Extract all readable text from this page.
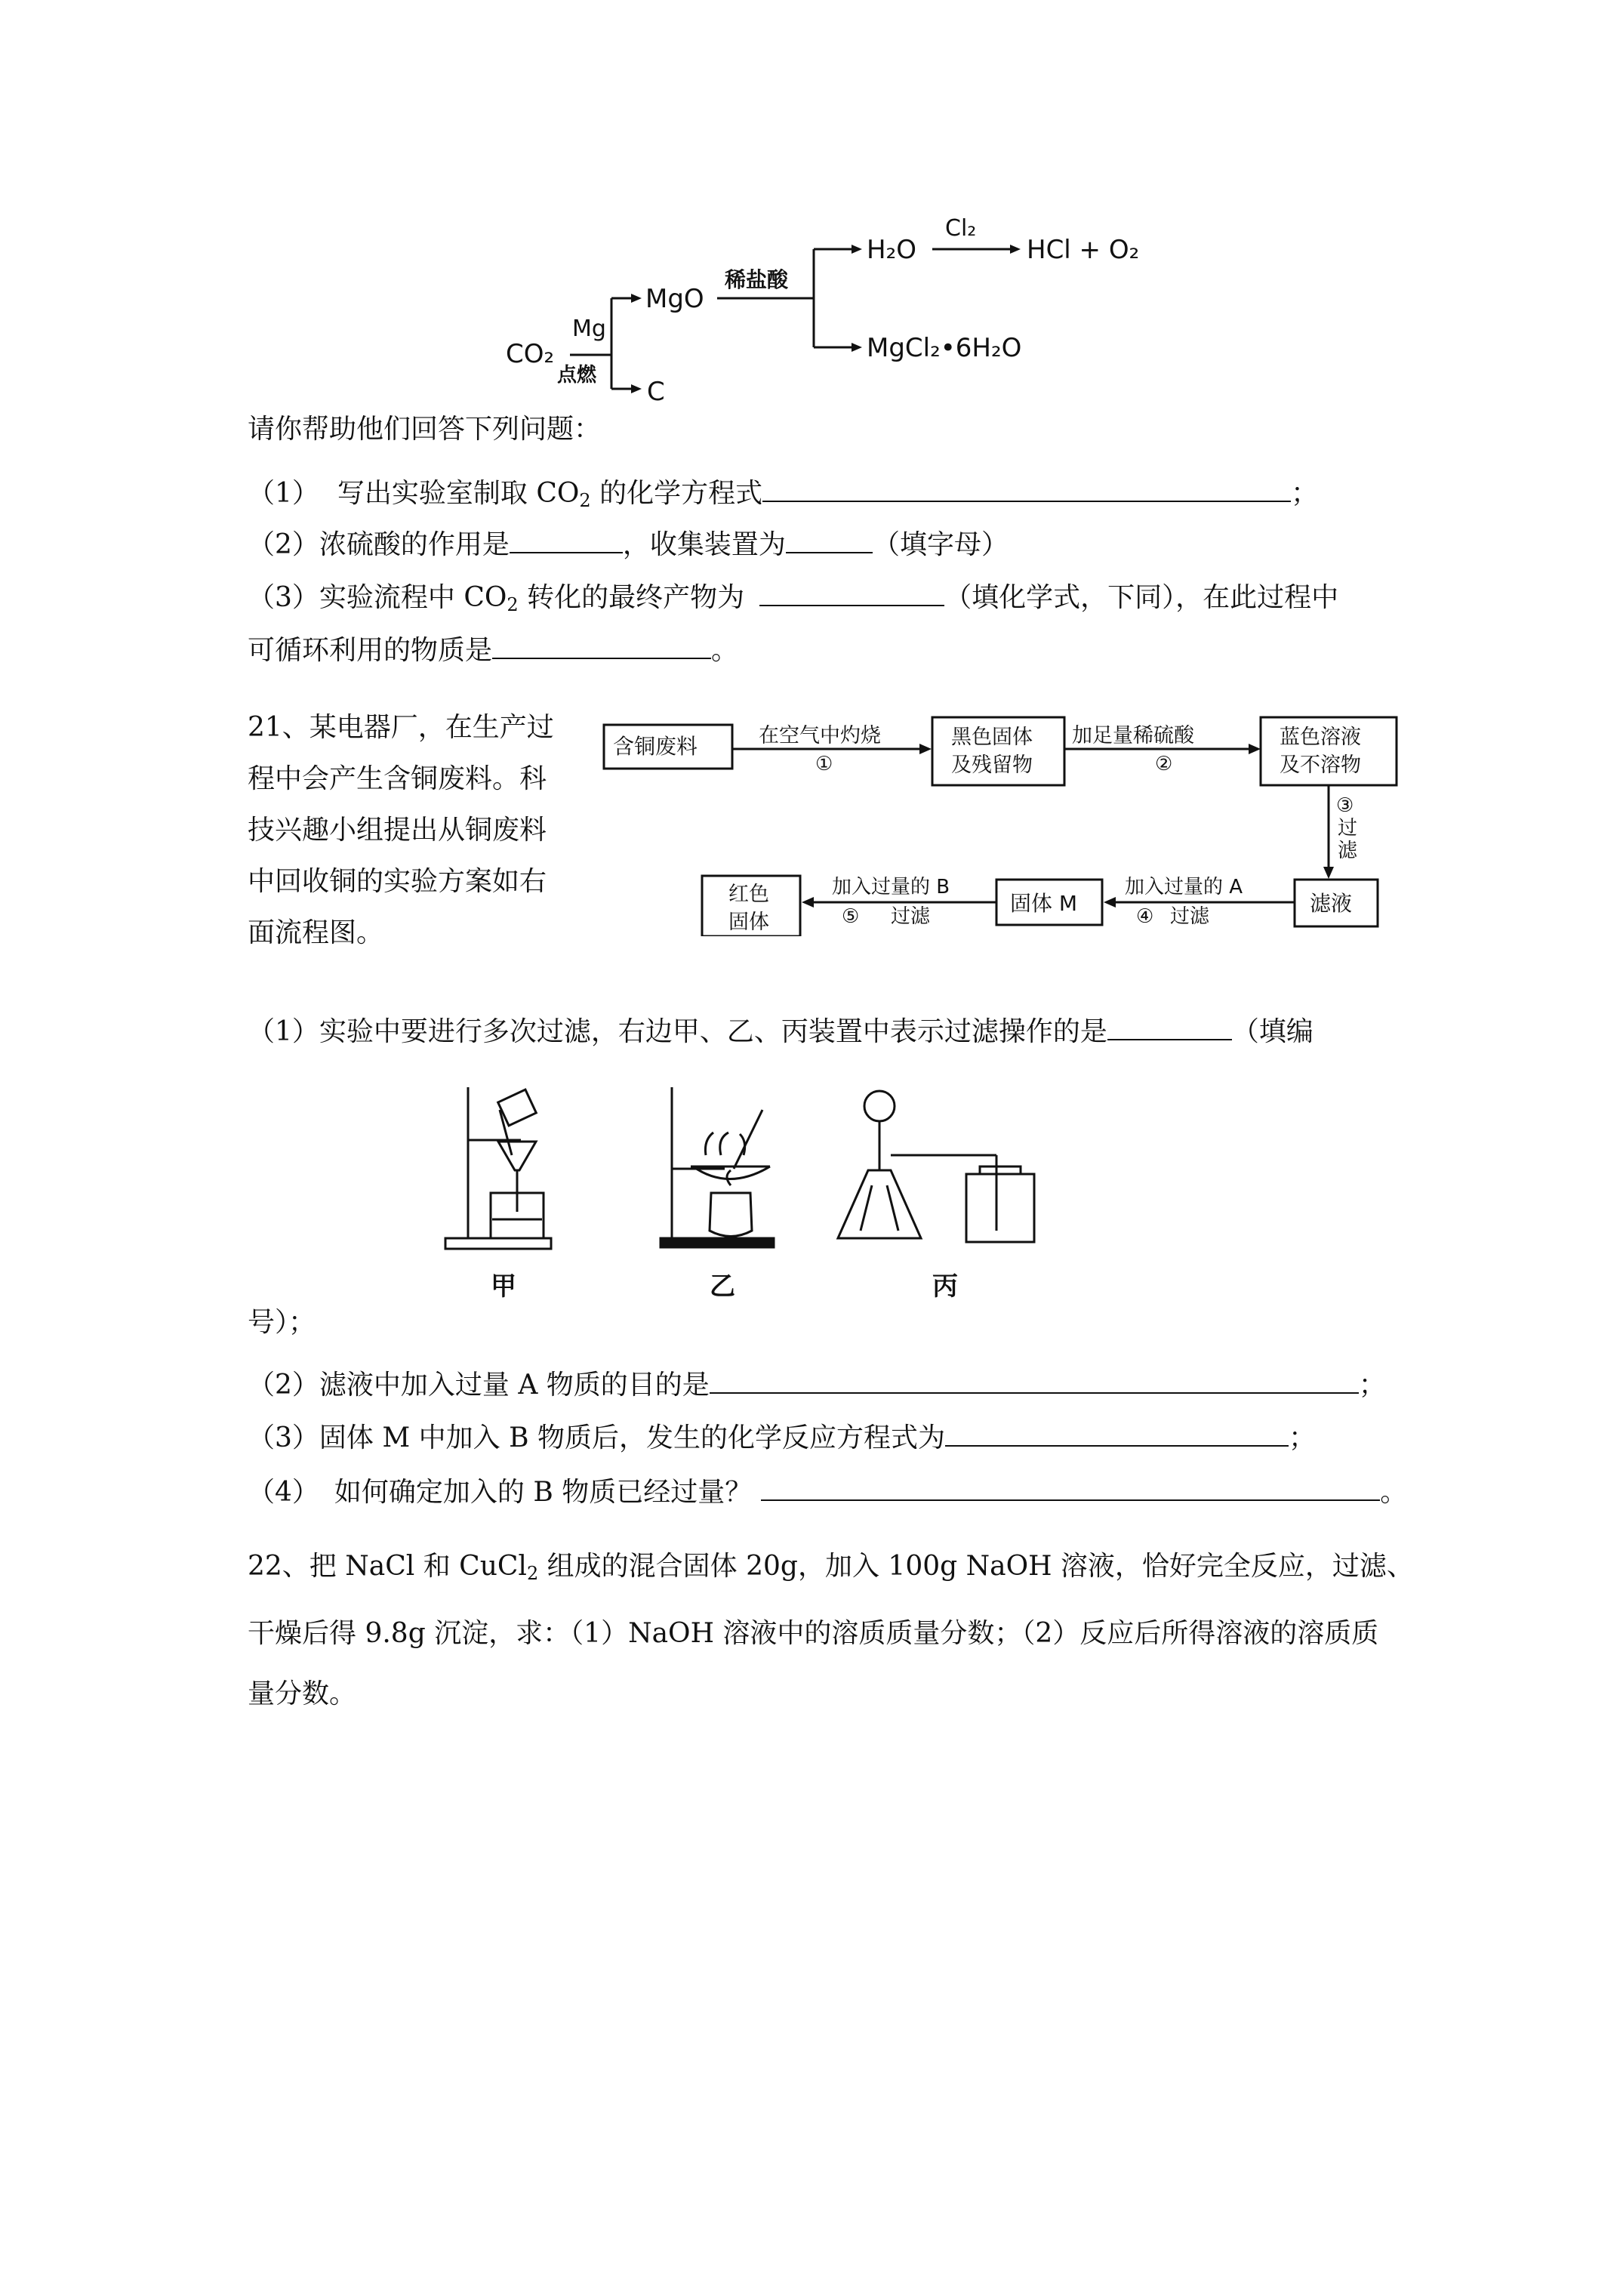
CO₂
Mg
点燃
MgO
C
稀盐酸
H₂O
Cl₂
HCl + O₂
MgCl₂•6H₂O
请你帮助他们回答下列问题：
（1） 写出实验室制取 $CO_2$ 的化学方程式	；
（2）浓硫酸的作用是	，收集装置为	（填字母）
（3）实验流程中 $CO_2$ 转化的最终产物为	（填化学式，下同），在此过程中
可循环利用的物质是	。
21、某电器厂，在生产过
程中会产生含铜废料。科
技兴趣小组提出从铜废料
中回收铜的实验方案如右
面流程图。
含铜废料	在空气中灼烧
①
黑色固体
及残留物
加足量稀硫酸
②
蓝色溶液
及不溶物
③
过
滤
滤液
加入过量的 A
④ 过滤
固体 M
加入过量的 B
⑤ 过滤
红色
固体
（1）实验中要进行多次过滤，右边甲、乙、丙装置中表示过滤操作的是	（填编
甲	乙	丙
号）；
（2）滤液中加入过量 A 物质的目的是	；
（3）固体 M 中加入 B 物质后，发生的化学反应方程式为	；
（4） 如何确定加入的 B 物质已经过量？	。
22、把 NaCl 和 CuCl$_2$ 组成的混合固体 20g，加入 100g NaOH 溶液，恰好完全反应，过滤、
干燥后得 9.8g 沉淀，求：（1）NaOH 溶液中的溶质质量分数；（2）反应后所得溶液的溶质质
量分数。
